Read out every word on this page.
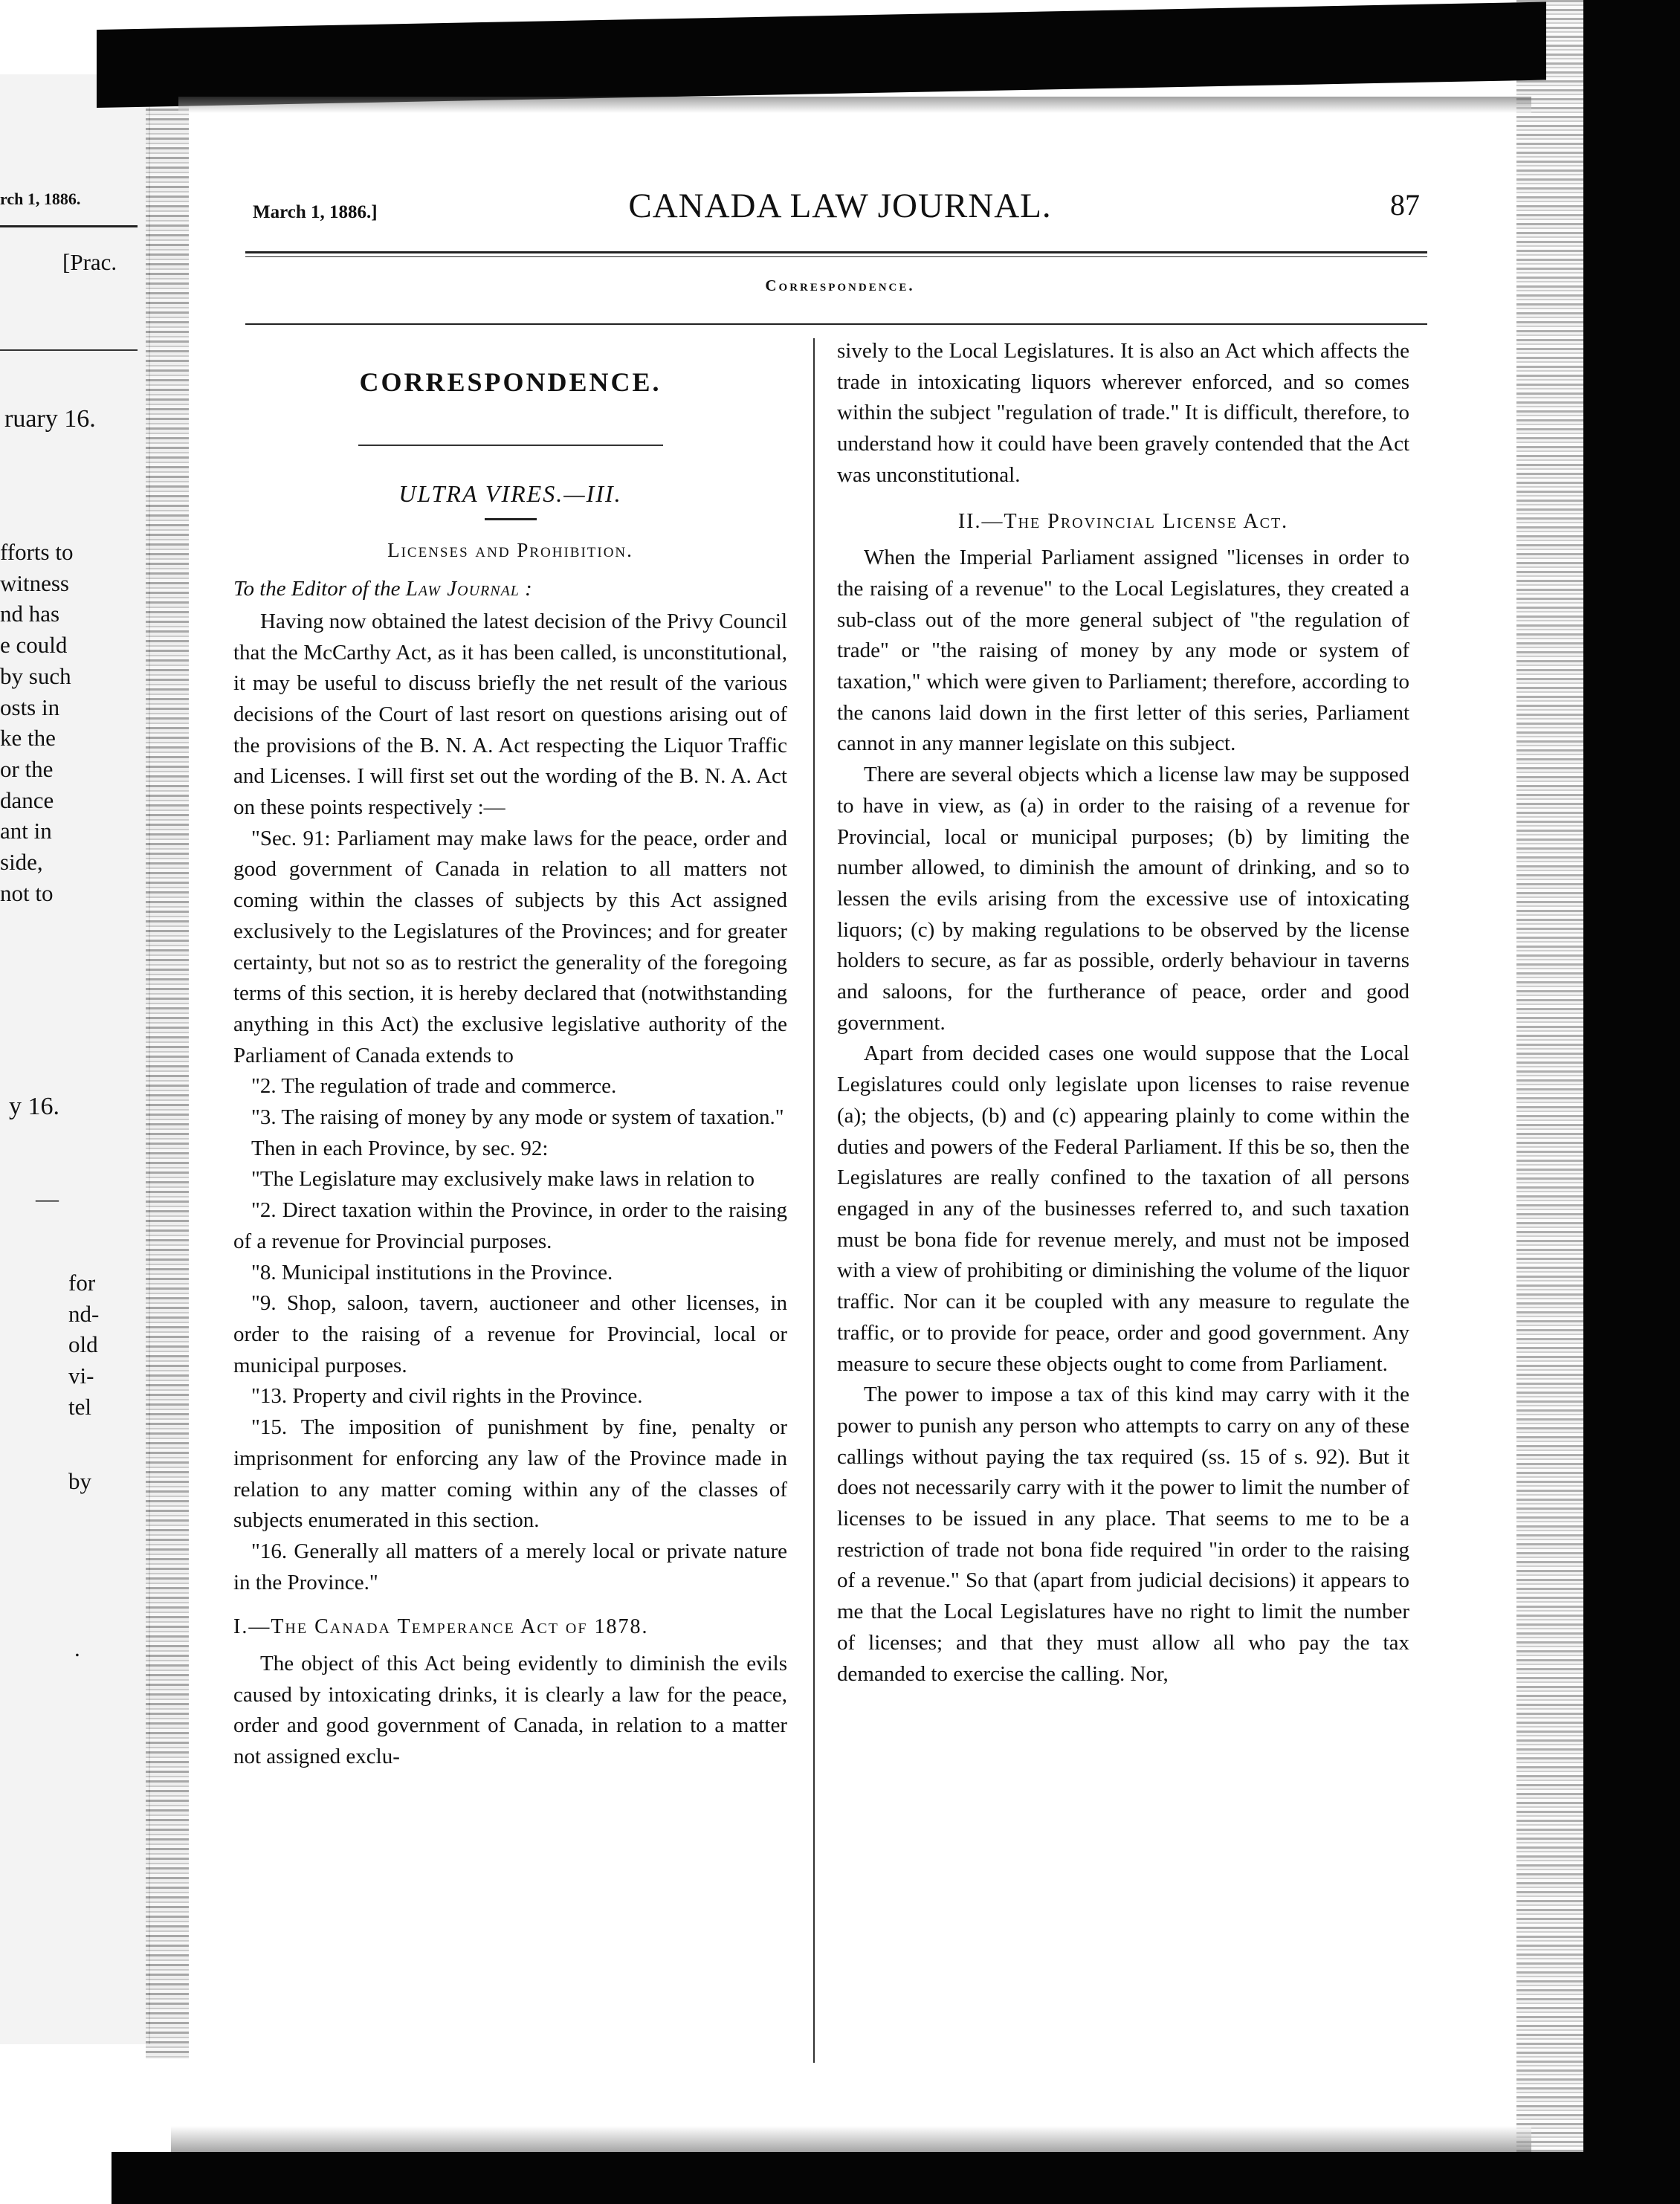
rch 1, 1886.
[Prac.
ruary 16.
fforts to
witness
nd has
e could
by such
osts in
ke the
or the
dance
ant in
side,
not to
y 16.
—
for
nd-
old
vi-
tel
by
.
March 1, 1886.]	CANADA LAW JOURNAL.	87
Correspondence.
CORRESPONDENCE.
ULTRA VIRES.—III.
Licenses and Prohibition.

To the Editor of the Law Journal :

Having now obtained the latest decision of the Privy Council that the McCarthy Act, as it has been called, is unconstitutional, it may be useful to discuss briefly the net result of the various decisions of the Court of last resort on questions arising out of the provisions of the B. N. A. Act respecting the Liquor Traffic and Licenses. I will first set out the wording of the B. N. A. Act on these points respectively :—

"Sec. 91: Parliament may make laws for the peace, order and good government of Canada in relation to all matters not coming within the classes of subjects by this Act assigned exclusively to the Legislatures of the Provinces; and for greater certainty, but not so as to restrict the generality of the foregoing terms of this section, it is hereby declared that (notwithstanding anything in this Act) the exclusive legislative authority of the Parliament of Canada extends to

"2. The regulation of trade and commerce.

"3. The raising of money by any mode or system of taxation."

Then in each Province, by sec. 92:

"The Legislature may exclusively make laws in relation to

"2. Direct taxation within the Province, in order to the raising of a revenue for Provincial purposes.

"8. Municipal institutions in the Province.

"9. Shop, saloon, tavern, auctioneer and other licenses, in order to the raising of a revenue for Provincial, local or municipal purposes.

"13. Property and civil rights in the Province.

"15. The imposition of punishment by fine, penalty or imprisonment for enforcing any law of the Province made in relation to any matter coming within any of the classes of subjects enumerated in this section.

"16. Generally all matters of a merely local or private nature in the Province."

I.—The Canada Temperance Act of 1878.

The object of this Act being evidently to diminish the evils caused by intoxicating drinks, it is clearly a law for the peace, order and good government of Canada, in relation to a matter not assigned exclu-

sively to the Local Legislatures. It is also an Act which affects the trade in intoxicating liquors wherever enforced, and so comes within the subject "regulation of trade." It is difficult, therefore, to understand how it could have been gravely contended that the Act was unconstitutional.

II.—The Provincial License Act.

When the Imperial Parliament assigned "licenses in order to the raising of a revenue" to the Local Legislatures, they created a sub-class out of the more general subject of "the regulation of trade" or "the raising of money by any mode or system of taxation," which were given to Parliament; therefore, according to the canons laid down in the first letter of this series, Parliament cannot in any manner legislate on this subject.

There are several objects which a license law may be supposed to have in view, as (a) in order to the raising of a revenue for Provincial, local or municipal purposes; (b) by limiting the number allowed, to diminish the amount of drinking, and so to lessen the evils arising from the excessive use of intoxicating liquors; (c) by making regulations to be observed by the license holders to secure, as far as possible, orderly behaviour in taverns and saloons, for the furtherance of peace, order and good government.

Apart from decided cases one would suppose that the Local Legislatures could only legislate upon licenses to raise revenue (a); the objects, (b) and (c) appearing plainly to come within the duties and powers of the Federal Parliament. If this be so, then the Legislatures are really confined to the taxation of all persons engaged in any of the businesses referred to, and such taxation must be bona fide for revenue merely, and must not be imposed with a view of prohibiting or diminishing the volume of the liquor traffic. Nor can it be coupled with any measure to regulate the traffic, or to provide for peace, order and good government. Any measure to secure these objects ought to come from Parliament.

The power to impose a tax of this kind may carry with it the power to punish any person who attempts to carry on any of these callings without paying the tax required (ss. 15 of s. 92). But it does not necessarily carry with it the power to limit the number of licenses to be issued in any place. That seems to me to be a restriction of trade not bona fide required "in order to the raising of a revenue." So that (apart from judicial decisions) it appears to me that the Local Legislatures have no right to limit the number of licenses; and that they must allow all who pay the tax demanded to exercise the calling. Nor,
